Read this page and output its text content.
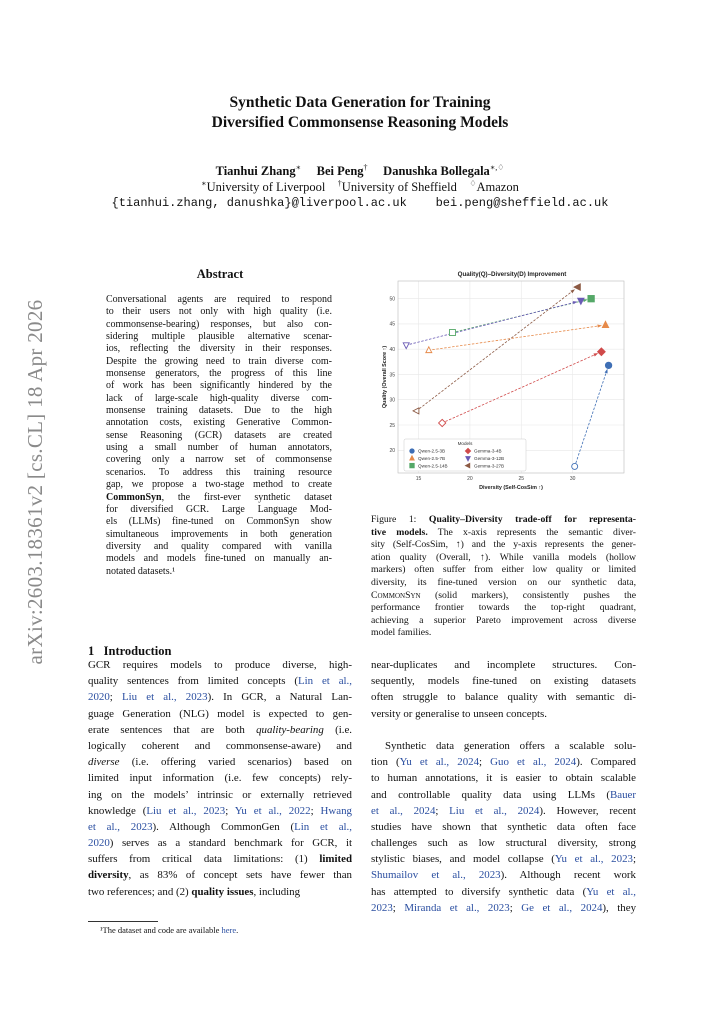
arXiv:2603.18361v2 [cs.CL] 18 Apr 2026
Synthetic Data Generation for Training
Diversified Commonsense Reasoning Models
Tianhui Zhang∗ Bei Peng† Danushka Bollegala∗,♢
∗University of Liverpool †University of Sheffield ♢Amazon
{tianhui.zhang, danushka}@liverpool.ac.uk    bei.peng@sheffield.ac.uk
Abstract
Conversational agents are required to respond
to their users not only with high quality (i.e.
commonsense-bearing) responses, but also con-
sidering multiple plausible alternative scenar-
ios, reflecting the diversity in their responses.
Despite the growing need to train diverse com-
monsense generators, the progress of this line
of work has been significantly hindered by the
lack of large-scale high-quality diverse com-
monsense training datasets. Due to the high
annotation costs, existing Generative Common-
sense Reasoning (GCR) datasets are created
using a small number of human annotators,
covering only a narrow set of commonsense
scenarios. To address this training resource
gap, we propose a two-stage method to create
CommonSyn, the first-ever synthetic dataset
for diversified GCR. Large Language Mod-
els (LLMs) fine-tuned on CommonSyn show
simultaneous improvements in both generation
diversity and quality compared with vanilla
models and models fine-tuned on manually an-
notated datasets.¹
1   Introduction
GCR requires models to produce diverse, high-
quality sentences from limited concepts (Lin et al.,
2020; Liu et al., 2023). In GCR, a Natural Lan-
guage Generation (NLG) model is expected to gen-
erate sentences that are both quality-bearing (i.e.
logically coherent and commonsense-aware) and
diverse (i.e. offering varied scenarios) based on
limited input information (i.e. few concepts) rely-
ing on the models’ intrinsic or externally retrieved
knowledge (Liu et al., 2023; Yu et al., 2022; Hwang
et al., 2023). Although CommonGen (Lin et al.,
2020) serves as a standard benchmark for GCR, it
suffers from critical data limitations: (1) limited
diversity, as 83% of concept sets have fewer than
two references; and (2) quality issues, including
near-duplicates and incomplete structures. Con-
sequently, models fine-tuned on existing datasets
often struggle to balance quality with semantic di-
versity or generalise to unseen concepts.
Synthetic data generation offers a scalable solu-
tion (Yu et al., 2024; Guo et al., 2024). Compared
to human annotations, it is easier to obtain scalable
and controllable quality data using LLMs (Bauer
et al., 2024; Liu et al., 2024). However, recent
studies have shown that synthetic data often face
challenges such as low structural diversity, strong
stylistic biases, and model collapse (Yu et al., 2023;
Shumailov et al., 2023). Although recent work
has attempted to diversify synthetic data (Yu et al.,
2023; Miranda et al., 2023; Ge et al., 2024), they
¹The dataset and code are available here.
Quality(Q)–Diversity(D) Improvement
15	20	25	30
20
25
30
35
40
45
50
Diversity (Self-CosSim ↑)
Quality (Overall Score ↑)
Models
Qwen-2.5-3B
Qwen-2.5-7B
Qwen-2.5-14B
Gemma-3-4B
Gemma-3-12B
Gemma-3-27B
Figure 1: Quality–Diversity trade-off for representa-
tive models. The x-axis represents the semantic diver-
sity (Self-CosSim, ↑) and the y-axis represents the gener-
ation quality (Overall, ↑). While vanilla models (hollow
markers) often suffer from either low quality or limited
diversity, its fine-tuned version on our synthetic data,
CommonSyn (solid markers), consistently pushes the
performance frontier towards the top-right quadrant,
achieving a superior Pareto improvement across diverse
model families.
